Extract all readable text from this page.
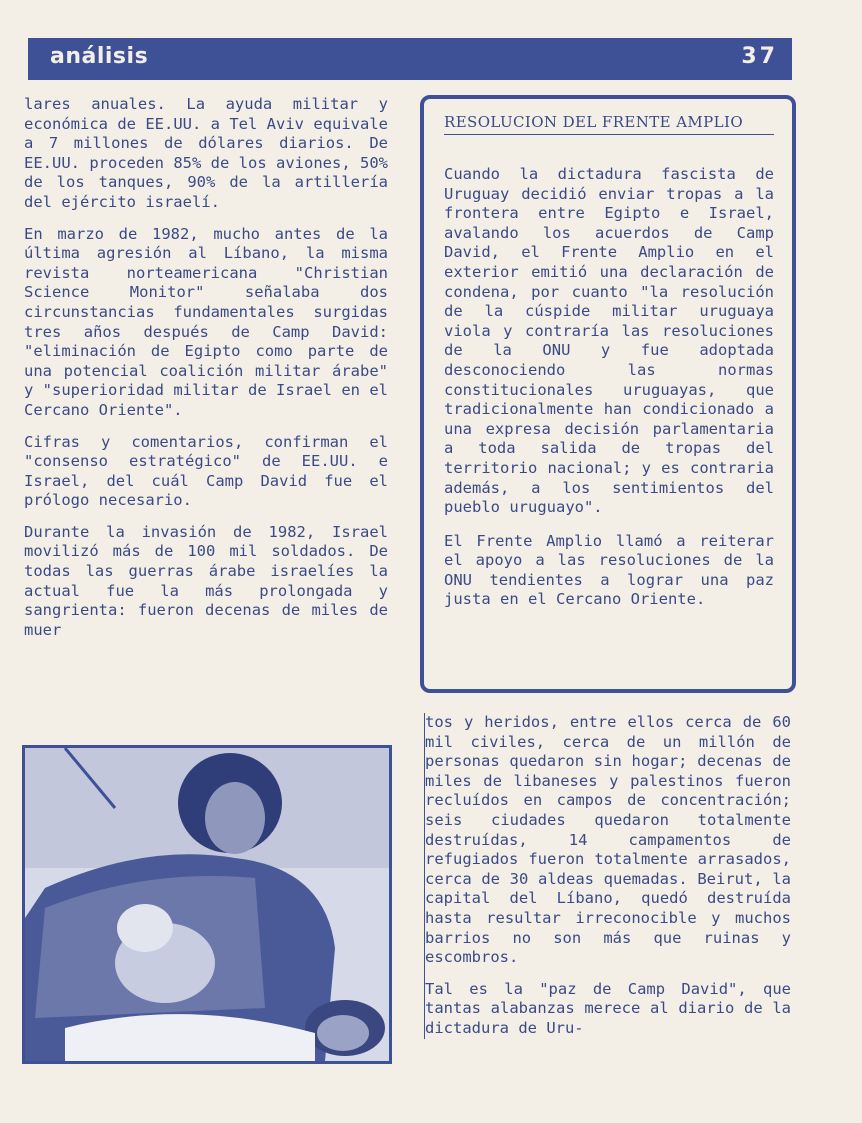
análisis	37

lares anuales. La ayuda militar y económica de EE.UU. a Tel Aviv equivale a 7 millones de dólares diarios. De EE.UU. proceden 85% de los aviones, 50% de los tanques, 90% de la artillería del ejército israelí.

En marzo de 1982, mucho antes de la última agresión al Líbano, la misma revista norteamericana "Christian Science Monitor" señalaba dos circunstancias fundamentales surgidas tres años después de Camp David: "eliminación de Egipto como parte de una potencial coalición militar árabe" y "superioridad militar de Israel en el Cercano Oriente".

Cifras y comentarios, confirman el "consenso estratégico" de EE.UU. e Israel, del cuál Camp David fue el prólogo necesario.

Durante la invasión de 1982, Israel movilizó más de 100 mil soldados. De todas las guerras árabe israelíes la actual fue la más prolongada y sangrienta: fueron decenas de miles de muer

RESOLUCION DEL FRENTE AMPLIO

Cuando la dictadura fascista de Uruguay decidió enviar tropas a la frontera entre Egipto e Israel, avalando los acuerdos de Camp David, el Frente Amplio en el exterior emitió una declaración de condena, por cuanto "la resolución de la cúspide militar uruguaya viola y contraría las resoluciones de la ONU y fue adoptada desconociendo las normas constitucionales uruguayas, que tradicionalmente han condicionado a una expresa decisión parlamentaria a toda salida de tropas del territorio nacional; y es contraria además, a los sentimientos del pueblo uruguayo".

El Frente Amplio llamó a reiterar el apoyo a las resoluciones de la ONU tendientes a lograr una paz justa en el Cercano Oriente.

tos y heridos, entre ellos cerca de 60 mil civiles, cerca de un millón de personas quedaron sin hogar; decenas de miles de libaneses y palestinos fueron recluídos en campos de concentración; seis ciudades quedaron totalmente destruídas, 14 campamentos de refugiados fueron totalmente arrasados, cerca de 30 aldeas quemadas. Beirut, la capital del Líbano, quedó destruída hasta resultar irreconocible y muchos barrios no son más que ruinas y escombros.

Tal es la "paz de Camp David", que tantas alabanzas merece al diario de la dictadura de Uru-
